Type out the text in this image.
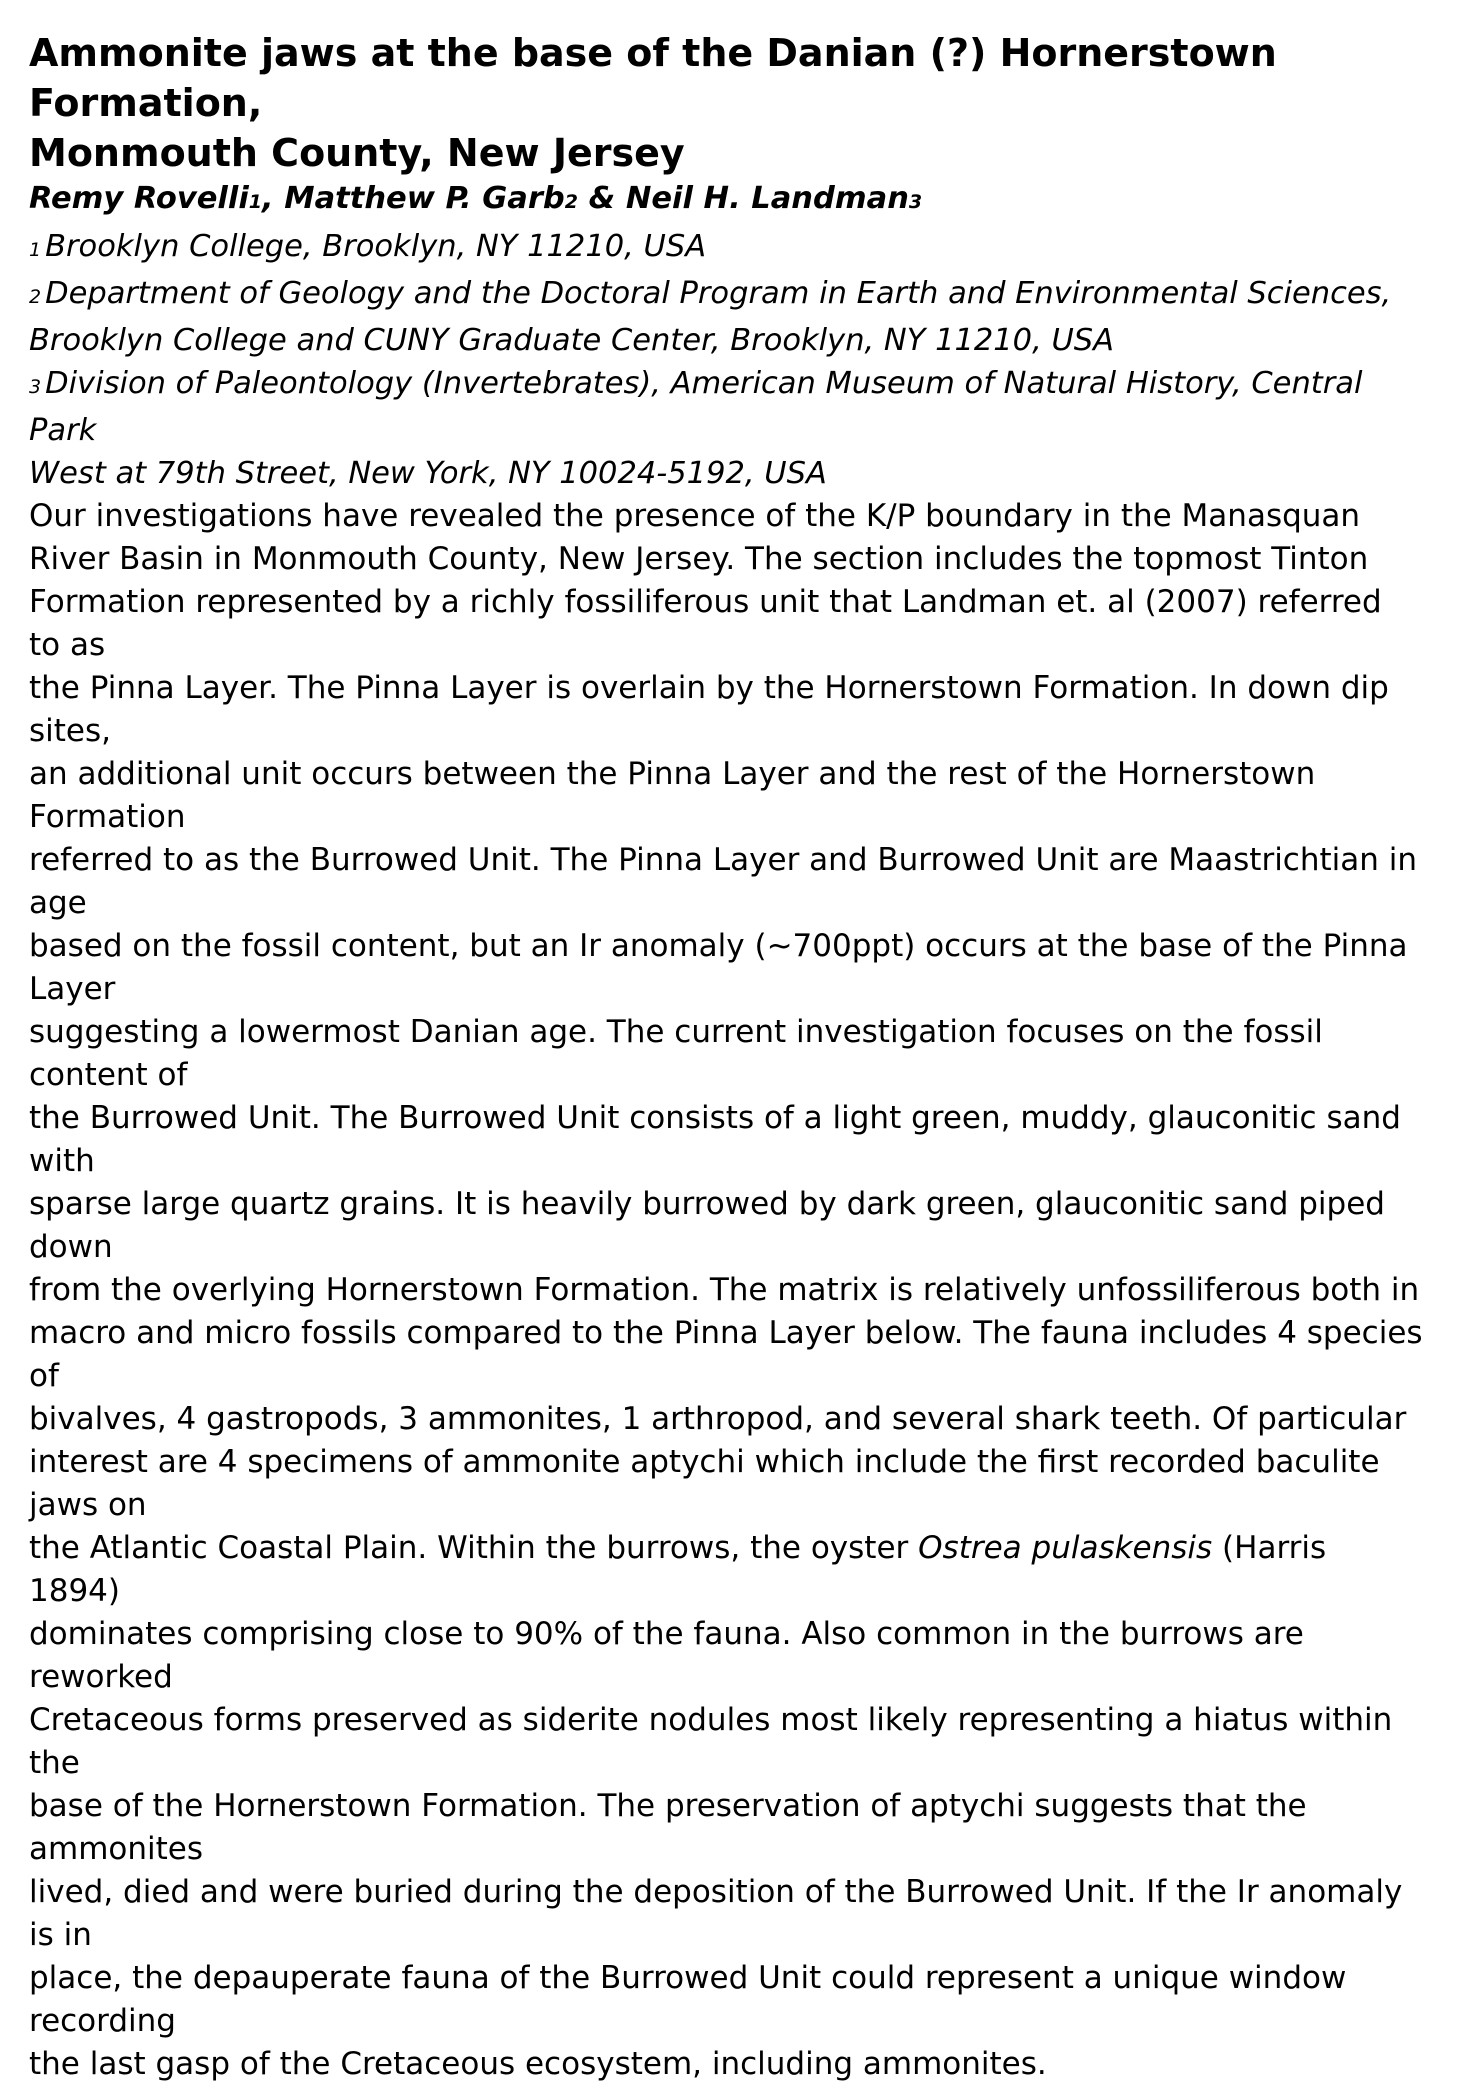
Ammonite jaws at the base of the Danian (?) Hornerstown
Formation,
Monmouth County, New Jersey
Remy Rovelli1, Matthew P. Garb2 & Neil H. Landman3
1 Brooklyn College, Brooklyn, NY 11210, USA
2 Department of Geology and the Doctoral Program in Earth and Environmental Sciences,
Brooklyn College and CUNY Graduate Center, Brooklyn, NY 11210, USA
3 Division of Paleontology (Invertebrates), American Museum of Natural History, Central
Park
West at 79th Street, New York, NY 10024-5192, USA
Our investigations have revealed the presence of the K/P boundary in the Manasquan
River Basin in Monmouth County, New Jersey. The section includes the topmost Tinton
Formation represented by a richly fossiliferous unit that Landman et. al (2007) referred
to as
the Pinna Layer. The Pinna Layer is overlain by the Hornerstown Formation. In down dip
sites,
an additional unit occurs between the Pinna Layer and the rest of the Hornerstown
Formation
referred to as the Burrowed Unit. The Pinna Layer and Burrowed Unit are Maastrichtian in
age
based on the fossil content, but an Ir anomaly (~700ppt) occurs at the base of the Pinna
Layer
suggesting a lowermost Danian age. The current investigation focuses on the fossil
content of
the Burrowed Unit. The Burrowed Unit consists of a light green, muddy, glauconitic sand
with
sparse large quartz grains. It is heavily burrowed by dark green, glauconitic sand piped
down
from the overlying Hornerstown Formation. The matrix is relatively unfossiliferous both in
macro and micro fossils compared to the Pinna Layer below. The fauna includes 4 species
of
bivalves, 4 gastropods, 3 ammonites, 1 arthropod, and several shark teeth. Of particular
interest are 4 specimens of ammonite aptychi which include the first recorded baculite
jaws on
the Atlantic Coastal Plain. Within the burrows, the oyster Ostrea pulaskensis (Harris
1894)
dominates comprising close to 90% of the fauna. Also common in the burrows are
reworked
Cretaceous forms preserved as siderite nodules most likely representing a hiatus within
the
base of the Hornerstown Formation. The preservation of aptychi suggests that the
ammonites
lived, died and were buried during the deposition of the Burrowed Unit. If the Ir anomaly
is in
place, the depauperate fauna of the Burrowed Unit could represent a unique window
recording
the last gasp of the Cretaceous ecosystem, including ammonites.
